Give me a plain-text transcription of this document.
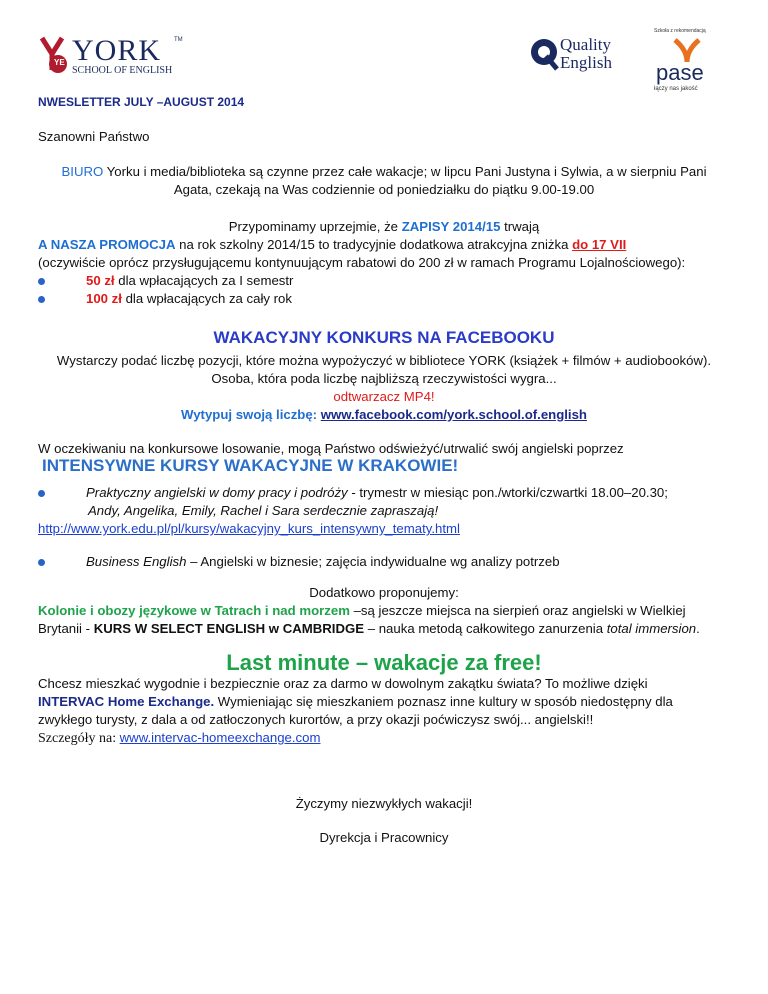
YE YORK TM
SCHOOL OF ENGLISH
Quality
English
Szkoła z rekomendacją
pase
łączy nas jakość
NWESLETTER JULY –AUGUST 2014
Szanowni Państwo
BIURO Yorku i media/biblioteka są czynne przez całe wakacje; w lipcu Pani Justyna i Sylwia, a w sierpniu Pani
Agata, czekają na Was codziennie od poniedziałku do piątku 9.00-19.00
Przypominamy uprzejmie, że ZAPISY 2014/15 trwają
A NASZA PROMOCJA na rok szkolny 2014/15 to tradycyjnie dodatkowa atrakcyjna zniżka do 17 VII
(oczywiście oprócz przysługującemu kontynuującym rabatowi do 200 zł w ramach Programu Lojalnościowego):
50 zł dla wpłacających za I semestr
100 zł dla wpłacających za cały rok
WAKACYJNY KONKURS NA FACEBOOKU
Wystarczy podać liczbę pozycji, które można wypożyczyć w bibliotece YORK (książek + filmów + audiobooków).
Osoba, która poda liczbę najbliższą rzeczywistości wygra...
odtwarzacz MP4!
Wytypuj swoją liczbę: www.facebook.com/york.school.of.english
W oczekiwaniu na konkursowe losowanie, mogą Państwo odświeżyć/utrwalić swój angielski poprzez
INTENSYWNE KURSY WAKACYJNE W KRAKOWIE!
Praktyczny angielski w domy pracy i podróży - trymestr w miesiąc pon./wtorki/czwartki 18.00–20.30;
Andy, Angelika, Emily, Rachel i Sara serdecznie zapraszają!
http://www.york.edu.pl/pl/kursy/wakacyjny_kurs_intensywny_tematy.html
Business English – Angielski w biznesie; zajęcia indywidualne wg analizy potrzeb
Dodatkowo proponujemy:
Kolonie i obozy językowe w Tatrach i nad morzem –są jeszcze miejsca na sierpień oraz angielski w Wielkiej
Brytanii - KURS W SELECT ENGLISH w CAMBRIDGE – nauka metodą całkowitego zanurzenia total immersion.
Last minute – wakacje za free!
Chcesz mieszkać wygodnie i bezpiecznie oraz za darmo w dowolnym zakątku świata? To możliwe dzięki
INTERVAC Home Exchange. Wymieniając się mieszkaniem poznasz inne kultury w sposób niedostępny dla
zwykłego turysty, z dala a od zatłoczonych kurortów, a przy okazji poćwiczysz swój... angielski!!
Szczegóły na: www.intervac-homeexchange.com
Życzymy niezwykłych wakacji!
Dyrekcja i Pracownicy
